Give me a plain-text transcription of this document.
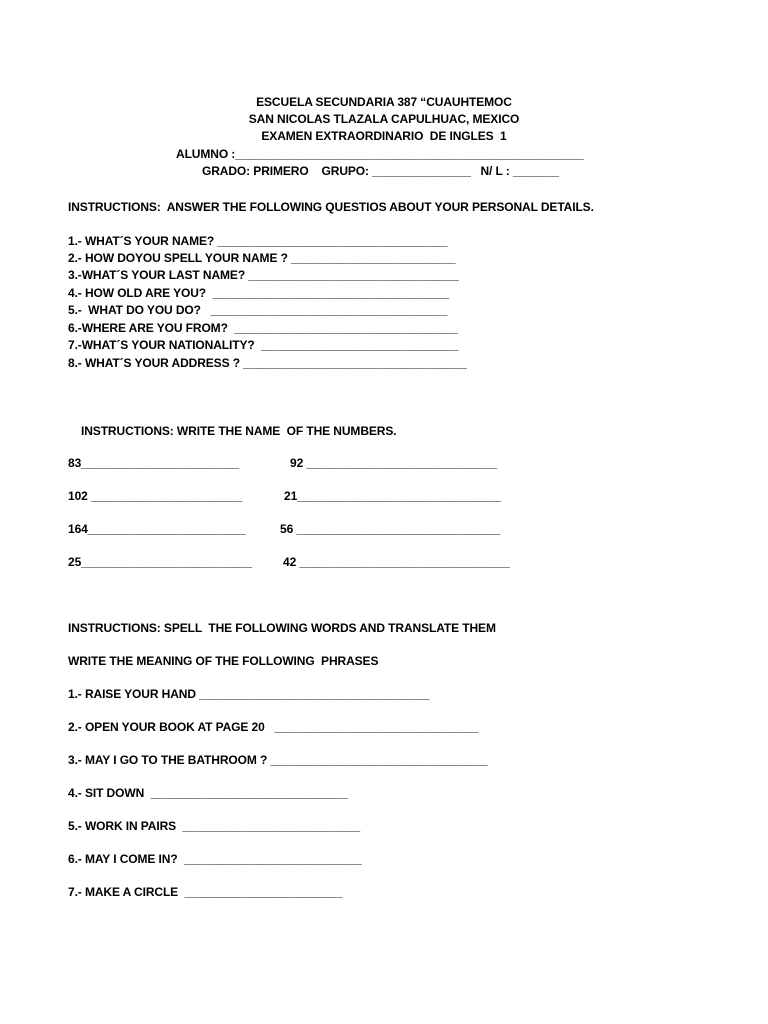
ESCUELA SECUNDARIA 387 “CUAUHTEMOC
SAN NICOLAS TLAZALA CAPULHUAC, MEXICO
EXAMEN EXTRAORDINARIO  DE INGLES  1
ALUMNO :_____________________________________________________
GRADO: PRIMERO    GRUPO: _______________   N/ L : _______
INSTRUCTIONS:  ANSWER THE FOLLOWING QUESTIOS ABOUT YOUR PERSONAL DETAILS.
1.- WHAT´S YOUR NAME? ___________________________________
2.- HOW DOYOU SPELL YOUR NAME ? _________________________
3.-WHAT´S YOUR LAST NAME? ________________________________
4.- HOW OLD ARE YOU?  ____________________________________
5.-  WHAT DO YOU DO?   ____________________________________
6.-WHERE ARE YOU FROM?  __________________________________
7.-WHAT´S YOUR NATIONALITY?  ______________________________
8.- WHAT´S YOUR ADDRESS ? __________________________________
INSTRUCTIONS: WRITE THE NAME  OF THE NUMBERS.
83________________________	92 _____________________________
102 _______________________	21_______________________________
164________________________	56 _______________________________
25__________________________	42 ________________________________
INSTRUCTIONS: SPELL  THE FOLLOWING WORDS AND TRANSLATE THEM
WRITE THE MEANING OF THE FOLLOWING  PHRASES
1.- RAISE YOUR HAND ___________________________________
2.- OPEN YOUR BOOK AT PAGE 20   _______________________________
3.- MAY I GO TO THE BATHROOM ? _________________________________
4.- SIT DOWN  ______________________________
5.- WORK IN PAIRS  ___________________________
6.- MAY I COME IN?  ___________________________
7.- MAKE A CIRCLE  ________________________
